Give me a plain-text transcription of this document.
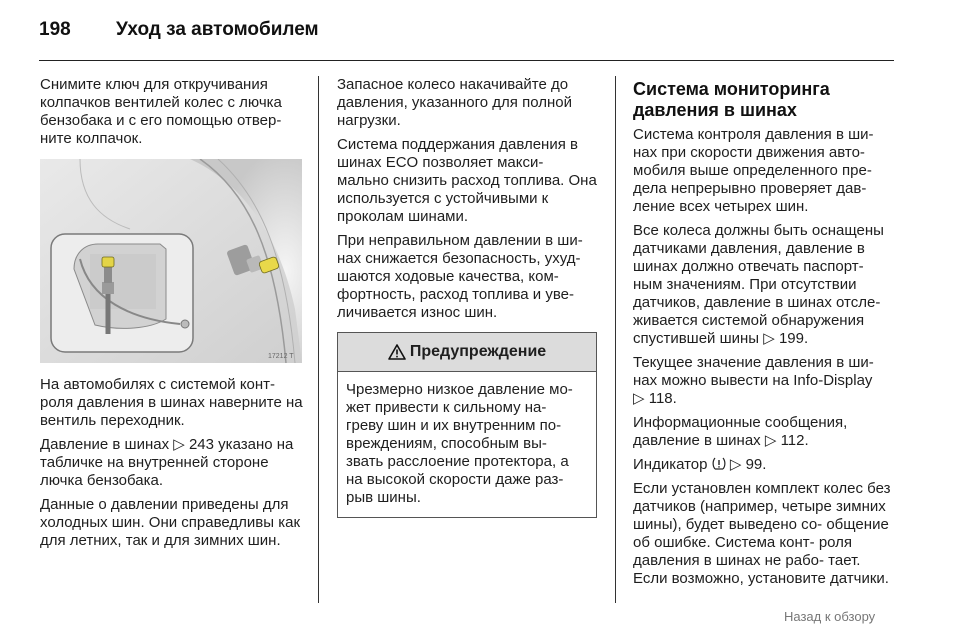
198 Уход за автомобилем

Снимите ключ для откручивания колпачков вентилей колес с лючка бензобака и с его помощью отвер- ните колпачок.

17212 T

На автомобилях с системой конт- роля давления в шинах наверните на вентиль переходник.

Давление в шинах ▷ 243 указано на табличке на внутренней стороне лючка бензобака.

Данные о давлении приведены для холодных шин. Они справедливы как для летних, так и для зимних шин.

Запасное колесо накачивайте до давления, указанного для полной нагрузки.

Система поддержания давления в шинах ECO позволяет макси- мально снизить расход топлива. Она используется с устойчивыми к проколам шинами.

При неправильном давлении в ши- нах снижается безопасность, ухуд- шаются ходовые качества, ком- фортность, расход топлива и уве- личивается износ шин.

Предупреждение
Чрезмерно низкое давление мо- жет привести к сильному на- греву шин и их внутренним по- вреждениям, способным вы- звать расслоение протектора, а на высокой скорости даже раз- рыв шины.
Система мониторинга давления в шинах

Система контроля давления в ши- нах при скорости движения авто- мобиля выше определенного пре- дела непрерывно проверяет дав- ление всех четырех шин.

Все колеса должны быть оснащены датчиками давления, давление в шинах должно отвечать паспорт- ным значениям. При отсутствии датчиков, давление в шинах отсле- живается системой обнаружения спустившей шины ▷ 199.

Текущее значение давления в ши- нах можно вывести на Info-Display
▷ 118.

Информационные сообщения, давление в шинах ▷ 112.

Индикатор ▷ 99.

Если установлен комплект колес без датчиков (например, четыре зимних шины), будет выведено со- общение об ошибке. Система конт- роля давления в шинах не рабо- тает. Если возможно, установите датчики.

Назад к обзору
